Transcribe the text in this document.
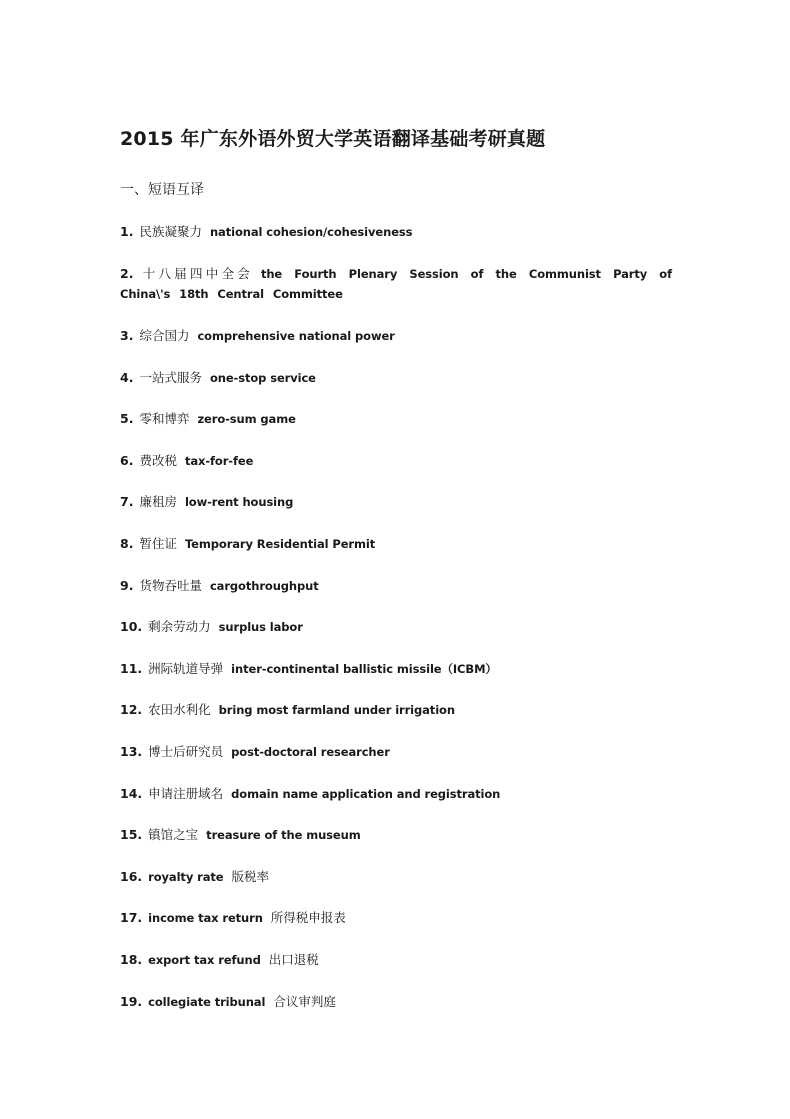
2015 年广东外语外贸大学英语翻译基础考研真题
一、短语互译
1. 民族凝聚力 national cohesion/cohesiveness
2. 十八届四中全会 the Fourth Plenary Session of the Communist Party of China\'s 18th Central Committee
3. 综合国力 comprehensive national power
4. 一站式服务 one-stop service
5. 零和博弈 zero-sum game
6. 费改税 tax-for-fee
7. 廉租房 low-rent housing
8. 暂住证 Temporary Residential Permit
9. 货物吞吐量 cargothroughput
10. 剩余劳动力 surplus labor
11. 洲际轨道导弹 inter-continental ballistic missile（ICBM）
12. 农田水利化 bring most farmland under irrigation
13. 博士后研究员 post-doctoral researcher
14. 申请注册域名 domain name application and registration
15. 镇馆之宝 treasure of the museum
16. royalty rate 版税率
17. income tax return 所得税申报表
18. export tax refund 出口退税
19. collegiate tribunal 合议审判庭
